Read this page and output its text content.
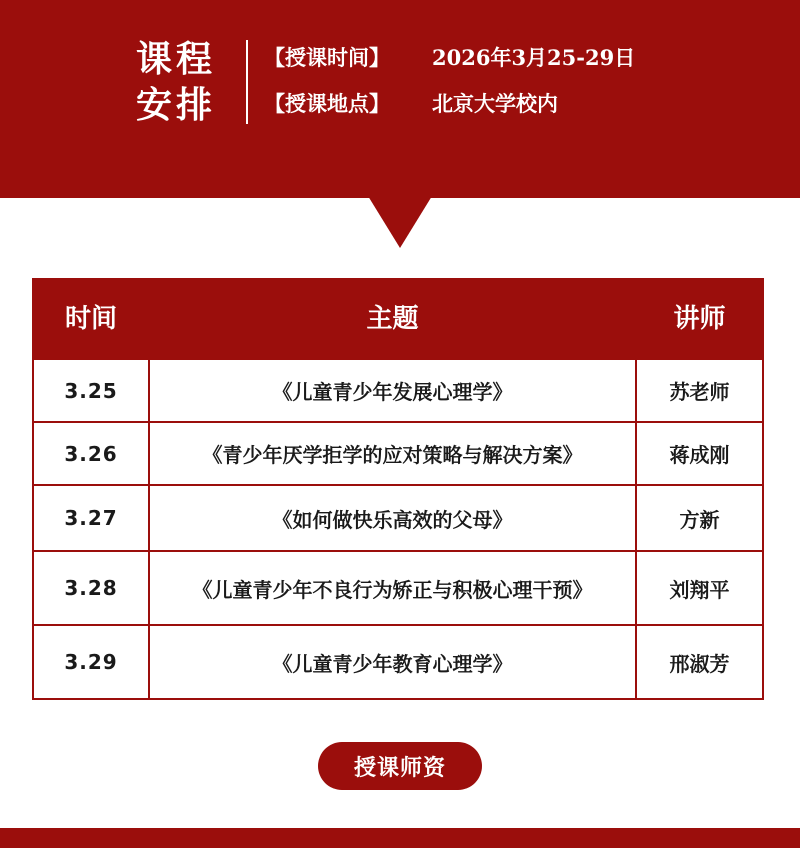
课程
安排
【授课时间】 2026年3月25-29日
【授课地点】 北京大学校内
时间	主题	讲师
3.25	《儿童青少年发展心理学》	苏老师
3.26	《青少年厌学拒学的应对策略与解决方案》	蒋成刚
3.27	《如何做快乐高效的父母》	方新
3.28	《儿童青少年不良行为矫正与积极心理干预》	刘翔平
3.29	《儿童青少年教育心理学》	邢淑芳
授课师资
